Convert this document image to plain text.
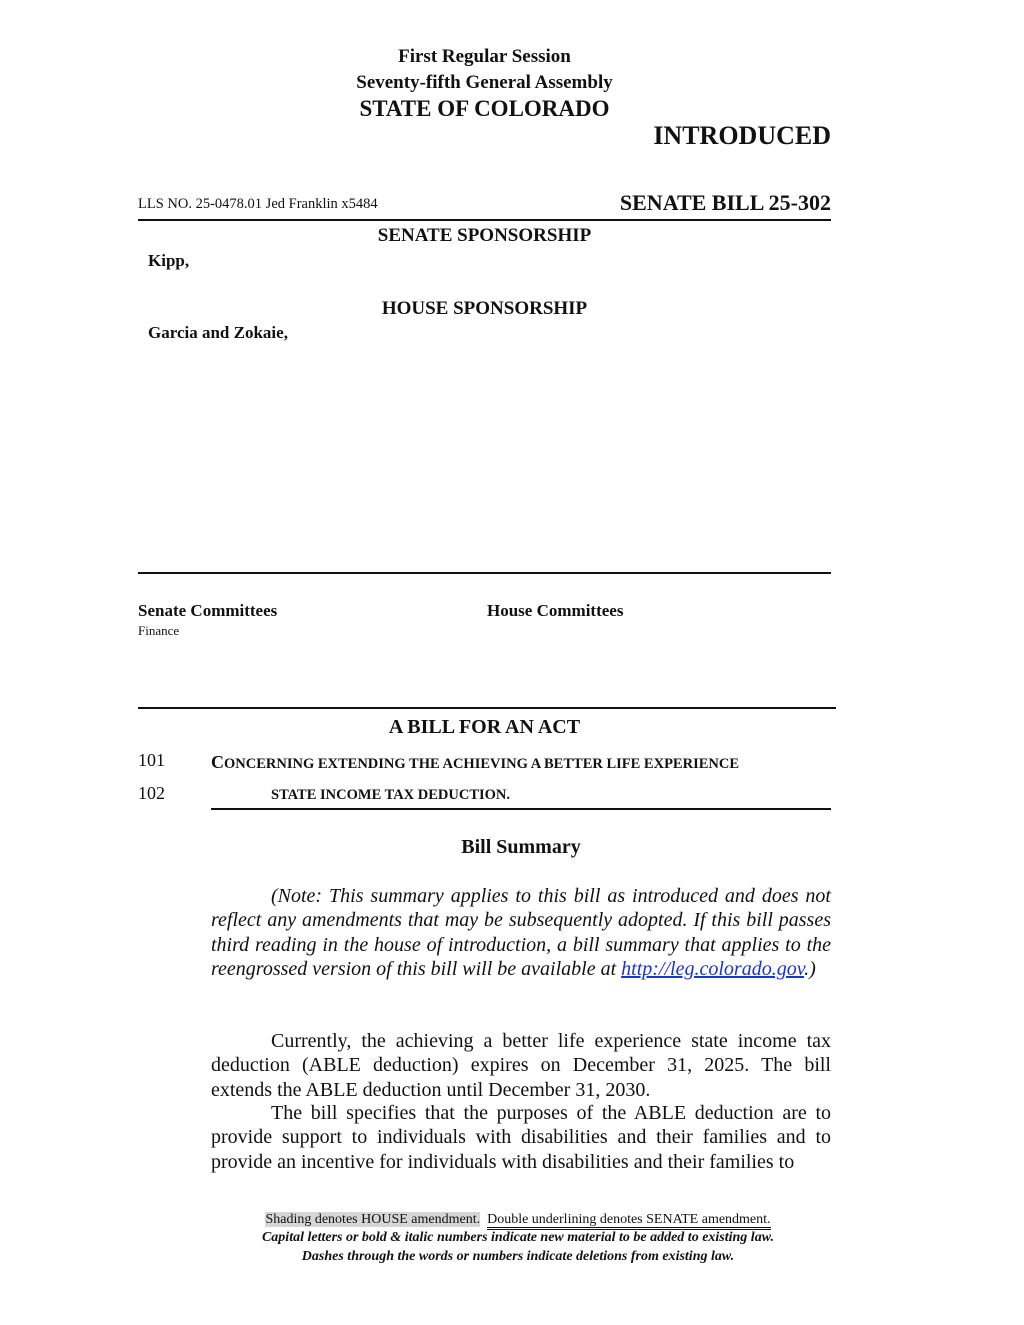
First Regular Session
Seventy-fifth General Assembly
STATE OF COLORADO
INTRODUCED
LLS NO. 25-0478.01 Jed Franklin x5484	SENATE BILL 25-302
SENATE SPONSORSHIP
Kipp,
HOUSE SPONSORSHIP
Garcia and Zokaie,
Senate Committees
Finance
House Committees
A BILL FOR AN ACT
101	CONCERNING EXTENDING THE ACHIEVING A BETTER LIFE EXPERIENCE
102	STATE INCOME TAX DEDUCTION.
Bill Summary
(Note: This summary applies to this bill as introduced and does not reflect any amendments that may be subsequently adopted. If this bill passes third reading in the house of introduction, a bill summary that applies to the reengrossed version of this bill will be available at http://leg.colorado.gov.)
Currently, the achieving a better life experience state income tax deduction (ABLE deduction) expires on December 31, 2025. The bill extends the ABLE deduction until December 31, 2030.
The bill specifies that the purposes of the ABLE deduction are to provide support to individuals with disabilities and their families and to provide an incentive for individuals with disabilities and their families to
Shading denotes HOUSE amendment. Double underlining denotes SENATE amendment.
Capital letters or bold & italic numbers indicate new material to be added to existing law.
Dashes through the words or numbers indicate deletions from existing law.
